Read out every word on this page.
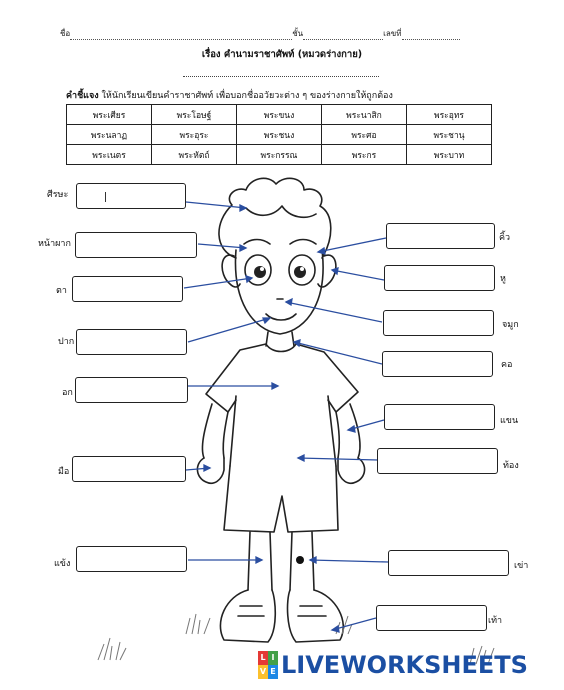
ชื่อ	ชั้น	เลขที่
เรื่อง คำนามราชาศัพท์ (หมวดร่างกาย)
คำชี้แจง ให้นักเรียนเขียนคำราชาศัพท์ เพื่อบอกชื่ออวัยวะต่าง ๆ ของร่างกายให้ถูกต้อง
พระเศียร	พระโอษฐ์	พระขนง	พระนาสิก	พระอุทร
พระนลาฏ	พระอุระ	พระชนง	พระศอ	พระชานุ
พระเนตร	พระหัตถ์	พระกรรณ	พระกร	พระบาท
ศีรษะ
หน้าผาก
ตา
ปาก
อก
มือ
แข้ง
คิ้ว
หู
จมูก
คอ
แขน
ท้อง
เข่า
เท้า
L I
V E LIVEWORKSHEETS
